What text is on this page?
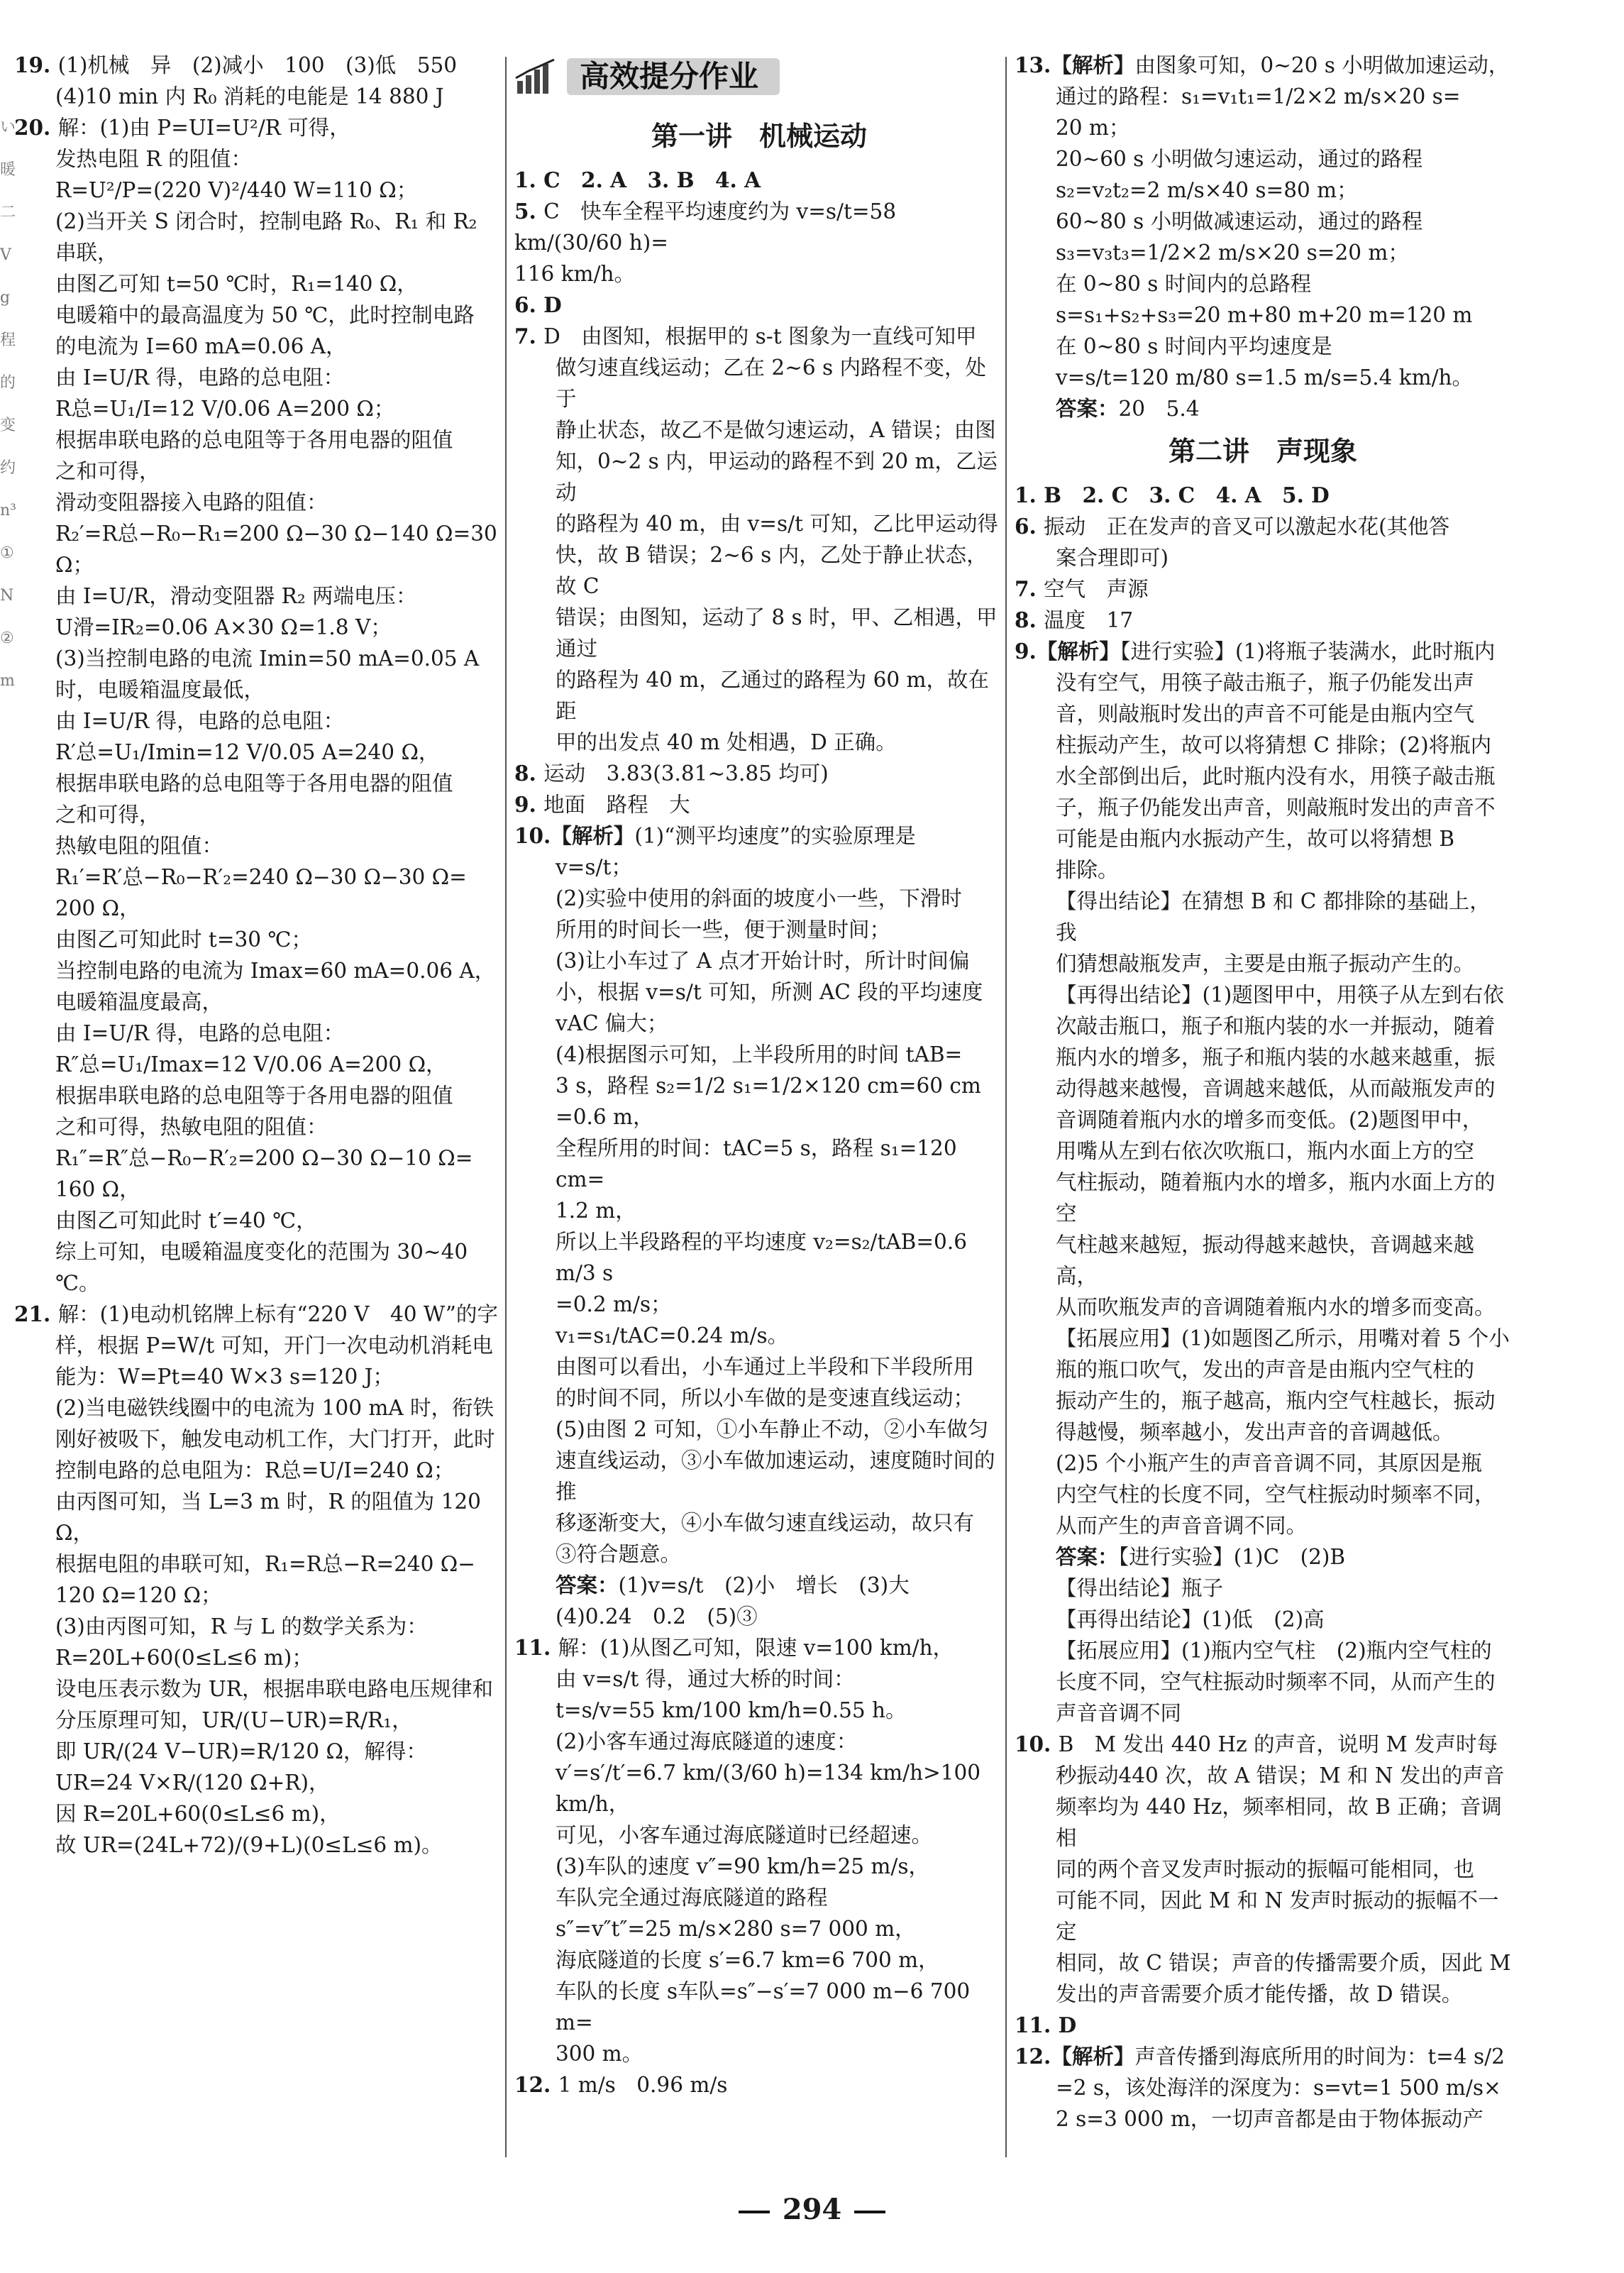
い
暖
二
V
g
程
的
变
约
n³
①
N
②
m

19. (1)机械　异　(2)减小　100　(3)低　550

(4)10 min 内 R₀ 消耗的电能是 14 880 J

20. 解：(1)由 P=UI=U²/R 可得，

发热电阻 R 的阻值：

R=U²/P=(220 V)²/440 W=110 Ω；

(2)当开关 S 闭合时，控制电路 R₀、R₁ 和 R₂

串联，

由图乙可知 t=50 ℃时，R₁=140 Ω，

电暖箱中的最高温度为 50 ℃，此时控制电路

的电流为 I=60 mA=0.06 A，

由 I=U/R 得，电路的总电阻：

R总=U₁/I=12 V/0.06 A=200 Ω；

根据串联电路的总电阻等于各用电器的阻值

之和可得，

滑动变阻器接入电路的阻值：

R₂′=R总−R₀−R₁=200 Ω−30 Ω−140 Ω=30 Ω；

由 I=U/R，滑动变阻器 R₂ 两端电压：

U滑=IR₂=0.06 A×30 Ω=1.8 V；

(3)当控制电路的电流 Imin=50 mA=0.05 A

时，电暖箱温度最低，

由 I=U/R 得，电路的总电阻：

R′总=U₁/Imin=12 V/0.05 A=240 Ω，

根据串联电路的总电阻等于各用电器的阻值

之和可得，

热敏电阻的阻值：

R₁′=R′总−R₀−R′₂=240 Ω−30 Ω−30 Ω=

200 Ω，

由图乙可知此时 t=30 ℃；

当控制电路的电流为 Imax=60 mA=0.06 A，

电暖箱温度最高，

由 I=U/R 得，电路的总电阻：

R″总=U₁/Imax=12 V/0.06 A=200 Ω，

根据串联电路的总电阻等于各用电器的阻值

之和可得，热敏电阻的阻值：

R₁″=R″总−R₀−R′₂=200 Ω−30 Ω−10 Ω=

160 Ω，

由图乙可知此时 t′=40 ℃，

综上可知，电暖箱温度变化的范围为 30~40 ℃。

21. 解：(1)电动机铭牌上标有“220 V　40 W”的字

样，根据 P=W/t 可知，开门一次电动机消耗电

能为：W=Pt=40 W×3 s=120 J；

(2)当电磁铁线圈中的电流为 100 mA 时，衔铁

刚好被吸下，触发电动机工作，大门打开，此时

控制电路的总电阻为：R总=U/I=240 Ω；

由丙图可知，当 L=3 m 时，R 的阻值为 120 Ω，

根据电阻的串联可知，R₁=R总−R=240 Ω−

120 Ω=120 Ω；

(3)由丙图可知，R 与 L 的数学关系为：

R=20L+60(0≤L≤6 m)；

设电压表示数为 UR，根据串联电路电压规律和

分压原理可知，UR/(U−UR)=R/R₁，

即 UR/(24 V−UR)=R/120 Ω，解得：UR=24 V×R/(120 Ω+R)，

因 R=20L+60(0≤L≤6 m)，

故 UR=(24L+72)/(9+L)(0≤L≤6 m)。

高效提分作业
第一讲　机械运动

1. C　2. A　3. B　4. A

5. C　快车全程平均速度约为 v=s/t=58 km/(30/60 h)=

116 km/h。

6. D

7. D　由图知，根据甲的 s-t 图象为一直线可知甲

做匀速直线运动；乙在 2~6 s 内路程不变，处于

静止状态，故乙不是做匀速运动，A 错误；由图

知，0~2 s 内，甲运动的路程不到 20 m，乙运动

的路程为 40 m，由 v=s/t 可知，乙比甲运动得

快，故 B 错误；2~6 s 内，乙处于静止状态，故 C

错误；由图知，运动了 8 s 时，甲、乙相遇，甲通过

的路程为 40 m，乙通过的路程为 60 m，故在距

甲的出发点 40 m 处相遇，D 正确。

8. 运动　3.83(3.81~3.85 均可)

9. 地面　路程　大

10.【解析】(1)“测平均速度”的实验原理是

v=s/t；

(2)实验中使用的斜面的坡度小一些，下滑时

所用的时间长一些，便于测量时间；

(3)让小车过了 A 点才开始计时，所计时间偏

小，根据 v=s/t 可知，所测 AC 段的平均速度

vAC 偏大；

(4)根据图示可知，上半段所用的时间 tAB=

3 s，路程 s₂=1/2 s₁=1/2×120 cm=60 cm

=0.6 m，

全程所用的时间：tAC=5 s，路程 s₁=120 cm=

1.2 m，

所以上半段路程的平均速度 v₂=s₂/tAB=0.6 m/3 s

=0.2 m/s；

v₁=s₁/tAC=0.24 m/s。

由图可以看出，小车通过上半段和下半段所用

的时间不同，所以小车做的是变速直线运动；

(5)由图 2 可知，①小车静止不动，②小车做匀

速直线运动，③小车做加速运动，速度随时间的推

移逐渐变大，④小车做匀速直线运动，故只有

③符合题意。

答案：(1)v=s/t　(2)小　增长　(3)大

(4)0.24　0.2　(5)③

11. 解：(1)从图乙可知，限速 v=100 km/h，

由 v=s/t 得，通过大桥的时间：

t=s/v=55 km/100 km/h=0.55 h。

(2)小客车通过海底隧道的速度：

v′=s′/t′=6.7 km/(3/60 h)=134 km/h>100 km/h，

可见，小客车通过海底隧道时已经超速。

(3)车队的速度 v″=90 km/h=25 m/s，

车队完全通过海底隧道的路程

s″=v″t″=25 m/s×280 s=7 000 m，

海底隧道的长度 s′=6.7 km=6 700 m，

车队的长度 s车队=s″−s′=7 000 m−6 700 m=

300 m。

12. 1 m/s　0.96 m/s

13.【解析】由图象可知，0~20 s 小明做加速运动，

通过的路程：s₁=v₁t₁=1/2×2 m/s×20 s=

20 m；

20~60 s 小明做匀速运动，通过的路程

s₂=v₂t₂=2 m/s×40 s=80 m；

60~80 s 小明做减速运动，通过的路程

s₃=v₃t₃=1/2×2 m/s×20 s=20 m；

在 0~80 s 时间内的总路程

s=s₁+s₂+s₃=20 m+80 m+20 m=120 m

在 0~80 s 时间内平均速度是

v=s/t=120 m/80 s=1.5 m/s=5.4 km/h。

答案：20　5.4

第二讲　声现象

1. B　2. C　3. C　4. A　5. D

6. 振动　正在发声的音叉可以激起水花(其他答

案合理即可)

7. 空气　声源

8. 温度　17

9.【解析】【进行实验】(1)将瓶子装满水，此时瓶内

没有空气，用筷子敲击瓶子，瓶子仍能发出声

音，则敲瓶时发出的声音不可能是由瓶内空气

柱振动产生，故可以将猜想 C 排除；(2)将瓶内

水全部倒出后，此时瓶内没有水，用筷子敲击瓶

子，瓶子仍能发出声音，则敲瓶时发出的声音不

可能是由瓶内水振动产生，故可以将猜想 B

排除。

【得出结论】在猜想 B 和 C 都排除的基础上，我

们猜想敲瓶发声，主要是由瓶子振动产生的。

【再得出结论】(1)题图甲中，用筷子从左到右依

次敲击瓶口，瓶子和瓶内装的水一并振动，随着

瓶内水的增多，瓶子和瓶内装的水越来越重，振

动得越来越慢，音调越来越低，从而敲瓶发声的

音调随着瓶内水的增多而变低。(2)题图甲中，

用嘴从左到右依次吹瓶口，瓶内水面上方的空

气柱振动，随着瓶内水的增多，瓶内水面上方的空

气柱越来越短，振动得越来越快，音调越来越高，

从而吹瓶发声的音调随着瓶内水的增多而变高。

【拓展应用】(1)如题图乙所示，用嘴对着 5 个小

瓶的瓶口吹气，发出的声音是由瓶内空气柱的

振动产生的，瓶子越高，瓶内空气柱越长，振动

得越慢，频率越小，发出声音的音调越低。

(2)5 个小瓶产生的声音音调不同，其原因是瓶

内空气柱的长度不同，空气柱振动时频率不同，

从而产生的声音音调不同。

答案：【进行实验】(1)C　(2)B

【得出结论】瓶子

【再得出结论】(1)低　(2)高

【拓展应用】(1)瓶内空气柱　(2)瓶内空气柱的

长度不同，空气柱振动时频率不同，从而产生的

声音音调不同

10. B　M 发出 440 Hz 的声音，说明 M 发声时每

秒振动440 次，故 A 错误；M 和 N 发出的声音

频率均为 440 Hz，频率相同，故 B 正确；音调相

同的两个音叉发声时振动的振幅可能相同，也

可能不同，因此 M 和 N 发声时振动的振幅不一定

相同，故 C 错误；声音的传播需要介质，因此 M

发出的声音需要介质才能传播，故 D 错误。

11. D

12.【解析】声音传播到海底所用的时间为：t=4 s/2

=2 s，该处海洋的深度为：s=vt=1 500 m/s×

2 s=3 000 m，一切声音都是由于物体振动产

294
